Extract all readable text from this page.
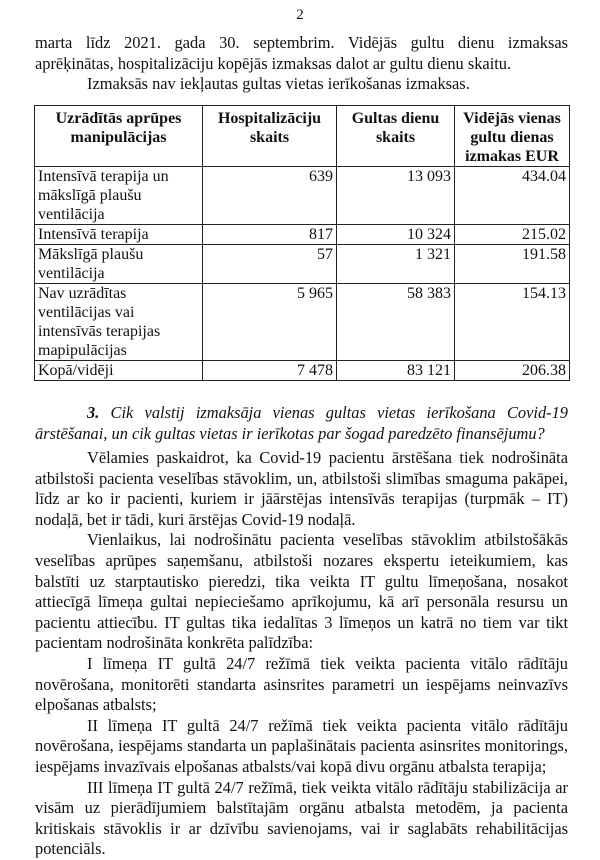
2

marta līdz 2021. gada 30. septembrim. Vidējās gultu dienu izmaksas

aprēķinātas, hospitalizāciju kopējās izmaksas dalot ar gultu dienu skaitu.

Izmaksās nav iekļautas gultas vietas ierīkošanas izmaksas.

Uzrādītās aprūpes manipulācijas	Hospitalizāciju skaits	Gultas dienu skaits	Vidējās vienas gultu dienas izmakas EUR
Intensīvā terapija un mākslīgā plaušu ventilācija	639	13 093	434.04
Intensīvā terapija	817	10 324	215.02
Mākslīgā plaušu ventilācija	57	1 321	191.58
Nav uzrādītas ventilācijas vai intensīvās terapijas mapipulācijas	5 965	58 383	154.13
Kopā/vidēji	7 478	83 121	206.38

3. Cik valstij izmaksāja vienas gultas vietas ierīkošana Covid-19 ārstēšanai, un cik gultas vietas ir ierīkotas par šogad paredzēto finansējumu?

Vēlamies paskaidrot, ka Covid-19 pacientu ārstēšana tiek nodrošināta atbilstoši pacienta veselības stāvoklim, un, atbilstoši slimības smaguma pakāpei, līdz ar ko ir pacienti, kuriem ir jāārstējas intensīvās terapijas (turpmāk – IT) nodaļā, bet ir tādi, kuri ārstējas Covid-19 nodaļā.

Vienlaikus, lai nodrošinātu pacienta veselības stāvoklim atbilstošākās veselības aprūpes saņemšanu, atbilstoši nozares ekspertu ieteikumiem, kas balstīti uz starptautisko pieredzi, tika veikta IT gultu līmeņošana, nosakot attiecīgā līmeņa gultai nepieciešamo aprīkojumu, kā arī personāla resursu un pacientu attiecību. IT gultas tika iedalītas 3 līmeņos un katrā no tiem var tikt pacientam nodrošināta konkrēta palīdzība:

I līmeņa IT gultā 24/7 režīmā tiek veikta pacienta vitālo rādītāju novērošana, monitorēti standarta asinsrites parametri un iespējams neinvazīvs elpošanas atbalsts;

II līmeņa IT gultā 24/7 režīmā tiek veikta pacienta vitālo rādītāju novērošana, iespējams standarta un paplašinātais pacienta asinsrites monitorings, iespējams invazīvais elpošanas atbalsts/vai kopā divu orgānu atbalsta terapija;

III līmeņa IT gultā 24/7 režīmā, tiek veikta vitālo rādītāju stabilizācija ar visām uz pierādījumiem balstītajām orgānu atbalsta metodēm, ja pacienta kritiskais stāvoklis ir ar dzīvību savienojams, vai ir saglabāts rehabilitācijas potenciāls.
